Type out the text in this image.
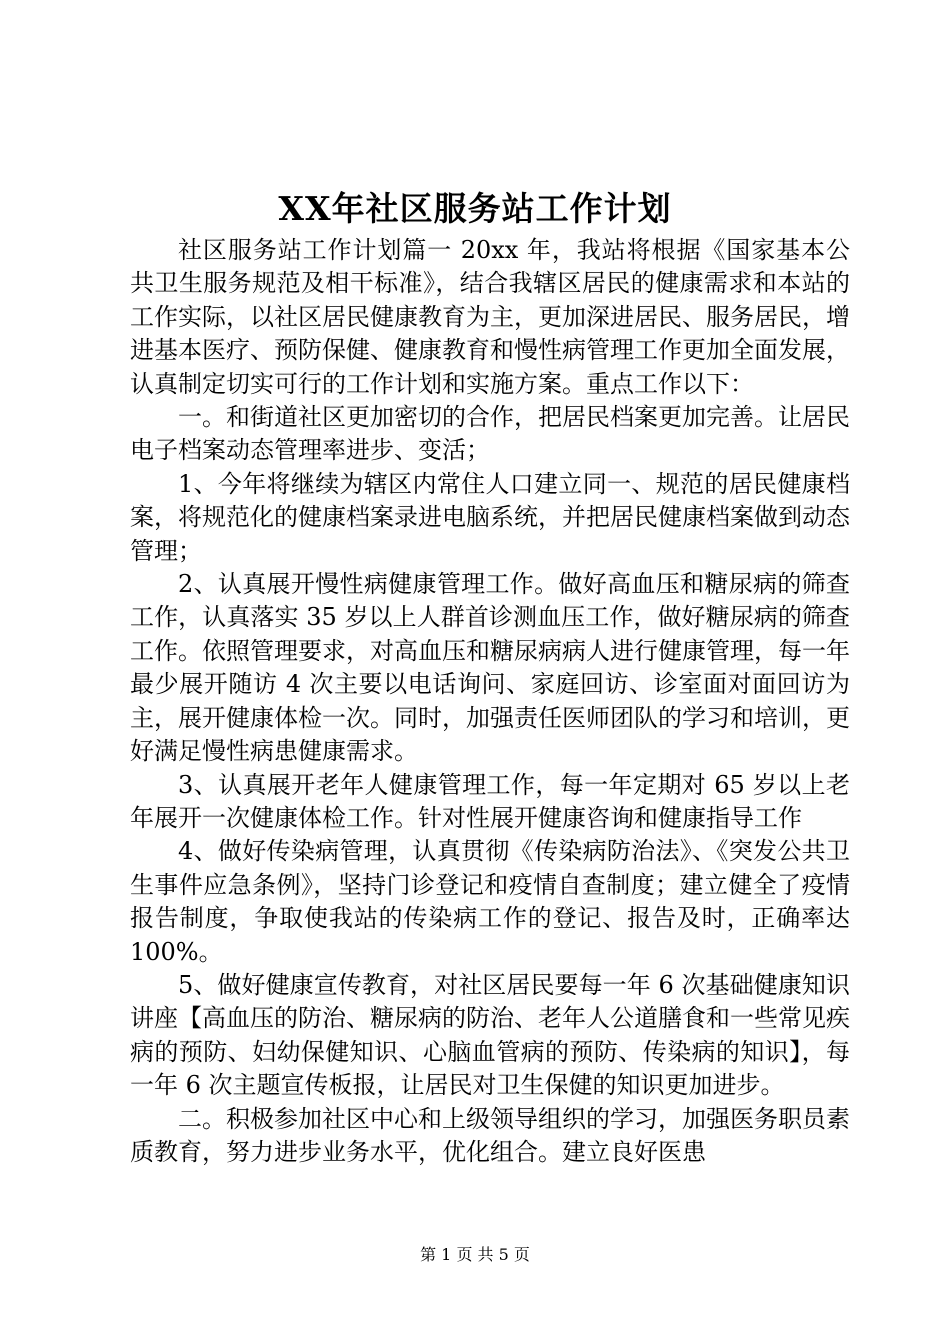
XX年社区服务站工作计划

社区服务站工作计划篇一 20xx 年，我站将根据《国家基本公共卫生服务规范及相干标准》，结合我辖区居民的健康需求和本站的工作实际，以社区居民健康教育为主，更加深进居民、服务居民，增进基本医疗、预防保健、健康教育和慢性病管理工作更加全面发展，认真制定切实可行的工作计划和实施方案。重点工作以下：

一。和街道社区更加密切的合作，把居民档案更加完善。让居民电子档案动态管理率进步、变活；

1、今年将继续为辖区内常住人口建立同一、规范的居民健康档案，将规范化的健康档案录进电脑系统，并把居民健康档案做到动态管理；

2、认真展开慢性病健康管理工作。做好高血压和糖尿病的筛查工作，认真落实 35 岁以上人群首诊测血压工作，做好糖尿病的筛查工作。依照管理要求，对高血压和糖尿病病人进行健康管理，每一年最少展开随访 4 次主要以电话询问、家庭回访、诊室面对面回访为主，展开健康体检一次。同时，加强责任医师团队的学习和培训，更好满足慢性病患健康需求。

3、认真展开老年人健康管理工作，每一年定期对 65 岁以上老年展开一次健康体检工作。针对性展开健康咨询和健康指导工作

4、做好传染病管理，认真贯彻《传染病防治法》、《突发公共卫生事件应急条例》，坚持门诊登记和疫情自查制度；建立健全了疫情报告制度，争取使我站的传染病工作的登记、报告及时，正确率达 100%。

5、做好健康宣传教育，对社区居民要每一年 6 次基础健康知识讲座【高血压的防治、糖尿病的防治、老年人公道膳食和一些常见疾病的预防、妇幼保健知识、心脑血管病的预防、传染病的知识】，每一年 6 次主题宣传板报，让居民对卫生保健的知识更加进步。

二。积极参加社区中心和上级领导组织的学习，加强医务职员素质教育，努力进步业务水平，优化组合。建立良好医患

第 1 页 共 5 页
